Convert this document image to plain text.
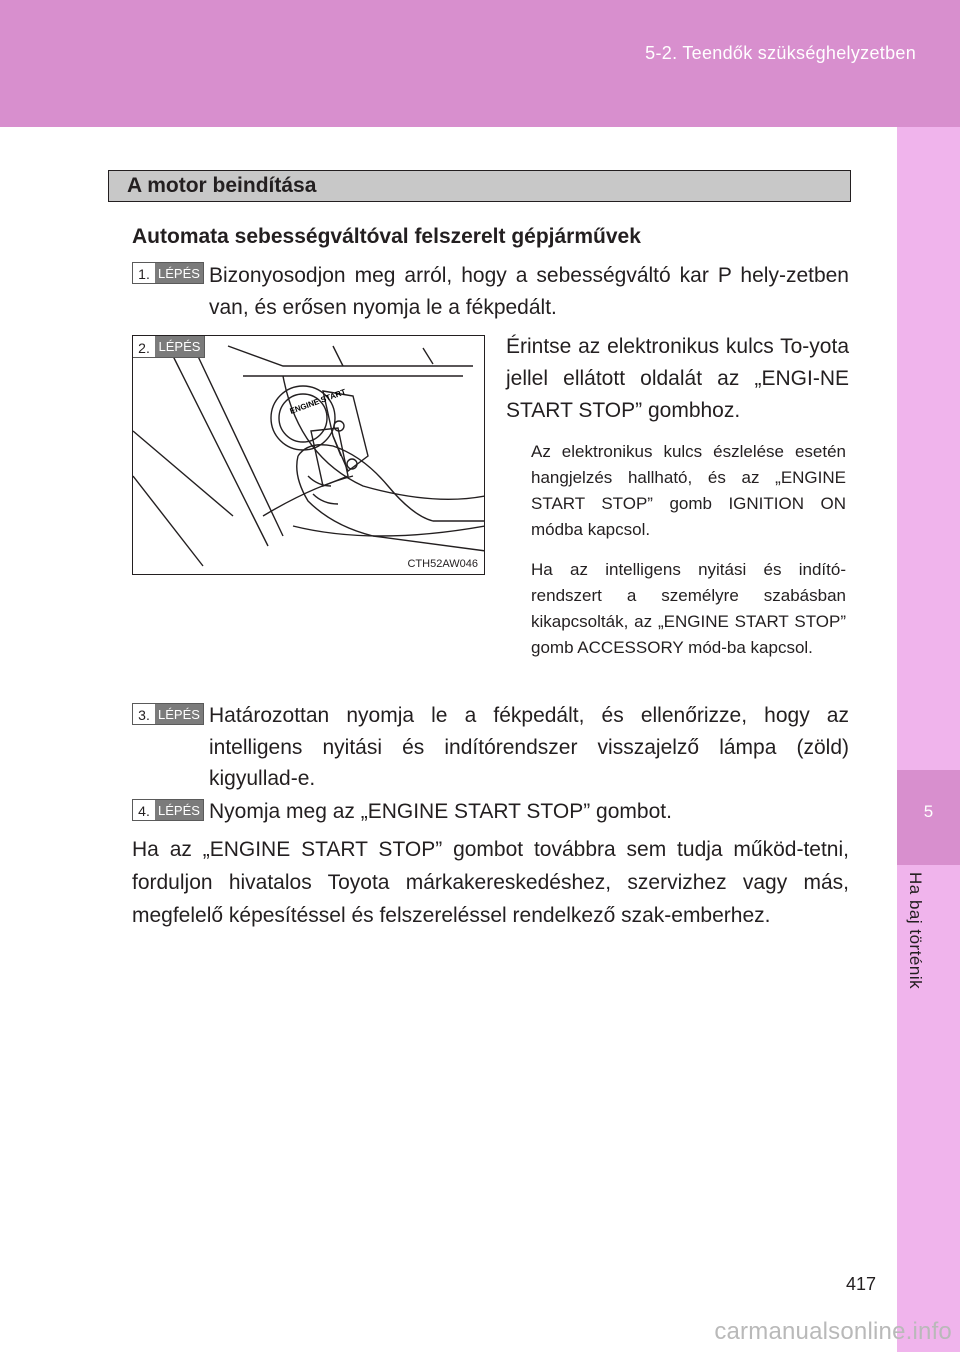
5-2. Teendők szükséghelyzetben
5
Ha baj történik
A motor beindítása
Automata sebességváltóval felszerelt gépjárművek
1. LÉPÉS Bizonyosodjon meg arról, hogy a sebességváltó kar P hely-zetben van, és erősen nyomja le a fékpedált.

ENGINE START
2. LÉPÉS
CTH52AW046

Érintse az elektronikus kulcs To-yota jellel ellátott oldalát az „ENGI-NE START STOP” gombhoz.

Az elektronikus kulcs észlelése esetén hangjelzés hallható, és az „ENGINE START STOP” gomb IGNITION ON módba kapcsol.

Ha az intelligens nyitási és indító-rendszert a személyre szabásban kikapcsolták, az „ENGINE START STOP” gomb ACCESSORY mód-ba kapcsol.

3. LÉPÉS Határozottan nyomja le a fékpedált, és ellenőrizze, hogy az intelligens nyitási és indítórendszer visszajelző lámpa (zöld) kigyullad-e.

4. LÉPÉS Nyomja meg az „ENGINE START STOP” gombot.

Ha az „ENGINE START STOP” gombot továbbra sem tudja működ-tetni, forduljon hivatalos Toyota márkakereskedéshez, szervizhez vagy más, megfelelő képesítéssel és felszereléssel rendelkező szak-emberhez.

417
carmanualsonline.info
